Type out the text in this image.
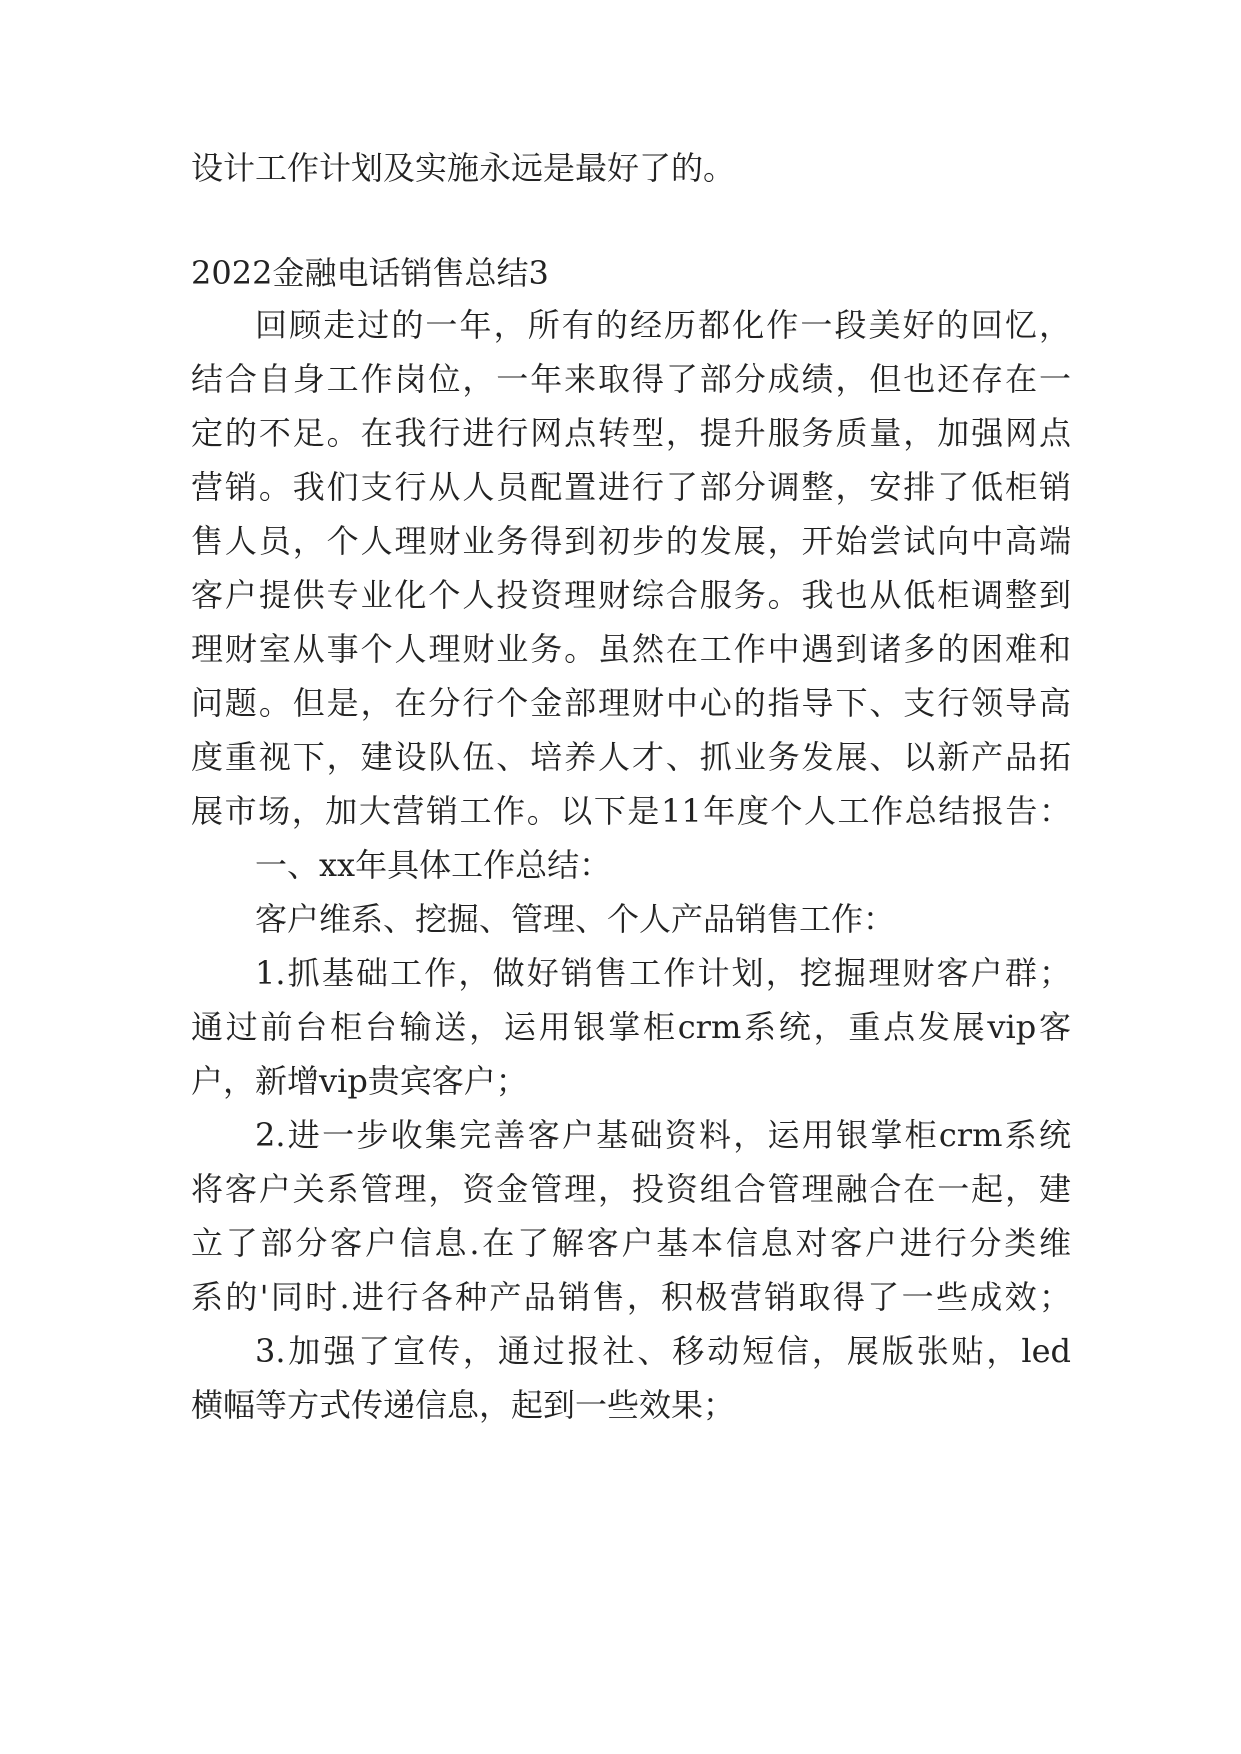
设计工作计划及实施永远是最好了的。
2022金融电话销售总结3
回顾走过的一年，所有的经历都化作一段美好的回忆，
结合自身工作岗位，一年来取得了部分成绩，但也还存在一
定的不足。在我行进行网点转型，提升服务质量，加强网点
营销。我们支行从人员配置进行了部分调整，安排了低柜销
售人员，个人理财业务得到初步的发展，开始尝试向中高端
客户提供专业化个人投资理财综合服务。我也从低柜调整到
理财室从事个人理财业务。虽然在工作中遇到诸多的困难和
问题。但是，在分行个金部理财中心的指导下、支行领导高
度重视下，建设队伍、培养人才、抓业务发展、以新产品拓
展市场，加大营销工作。以下是11年度个人工作总结报告：
一、xx年具体工作总结：
客户维系、挖掘、管理、个人产品销售工作：
1.抓基础工作，做好销售工作计划，挖掘理财客户群；
通过前台柜台输送，运用银掌柜crm系统，重点发展vip客
户，新增vip贵宾客户；
2.进一步收集完善客户基础资料，运用银掌柜crm系统
将客户关系管理，资金管理，投资组合管理融合在一起，建
立了部分客户信息.在了解客户基本信息对客户进行分类维
系的'同时.进行各种产品销售，积极营销取得了一些成效；
3.加强了宣传，通过报社、移动短信，展版张贴，led
横幅等方式传递信息，起到一些效果；
